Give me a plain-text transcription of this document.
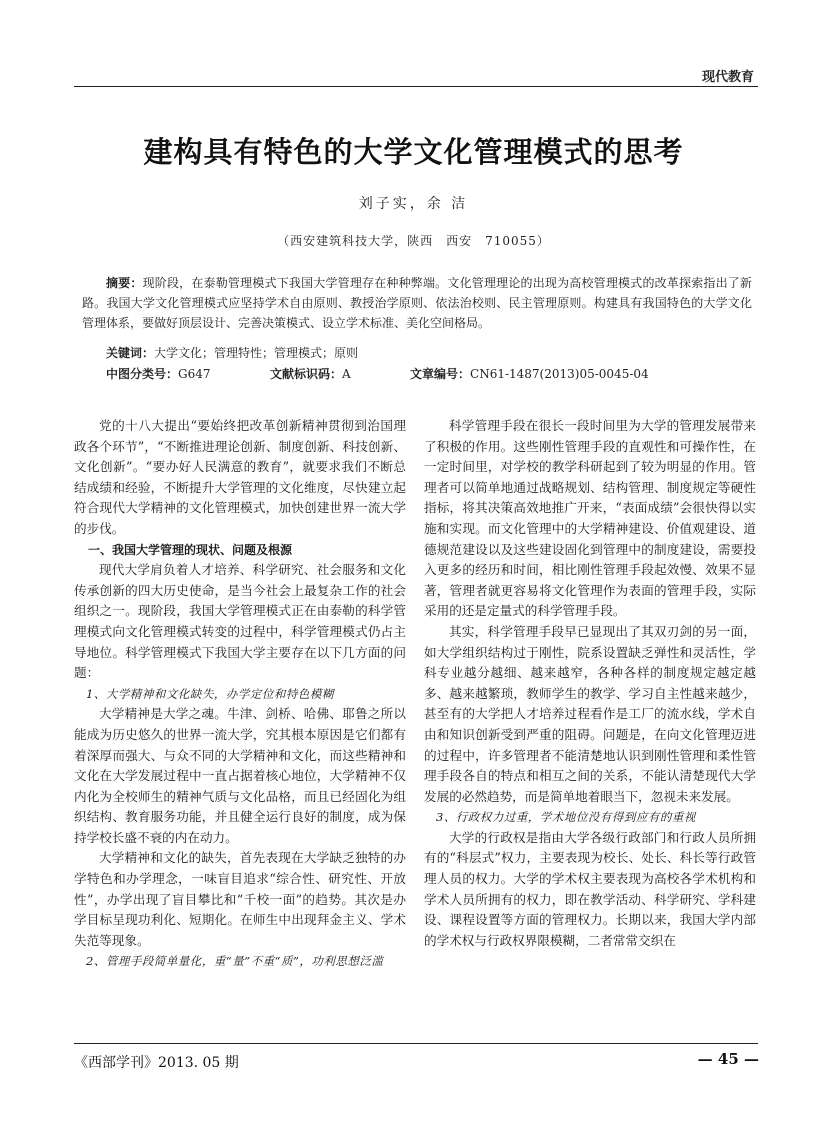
现代教育
建构具有特色的大学文化管理模式的思考
刘子实，余 洁
（西安建筑科技大学，陕西　西安　710055）
摘要：现阶段，在泰勒管理模式下我国大学管理存在种种弊端。文化管理理论的出现为高校管理模式的改革探索指出了新路。我国大学文化管理模式应坚持学术自由原则、教授治学原则、依法治校则、民主管理原则。构建具有我国特色的大学文化管理体系，要做好顶层设计、完善决策模式、设立学术标准、美化空间格局。
关键词：大学文化；管理特性；管理模式；原则
中图分类号：G647	文献标识码：A	文章编号：CN61-1487(2013)05-0045-04

党的十八大提出“要始终把改革创新精神贯彻到治国理政各个环节”，“不断推进理论创新、制度创新、科技创新、文化创新”。“要办好人民满意的教育”，就要求我们不断总结成绩和经验，不断提升大学管理的文化维度，尽快建立起符合现代大学精神的文化管理模式，加快创建世界一流大学的步伐。

一、我国大学管理的现状、问题及根源

现代大学肩负着人才培养、科学研究、社会服务和文化传承创新的四大历史使命，是当今社会上最复杂工作的社会组织之一。现阶段，我国大学管理模式正在由泰勒的科学管理模式向文化管理模式转变的过程中，科学管理模式仍占主导地位。科学管理模式下我国大学主要存在以下几方面的问题：

1、大学精神和文化缺失，办学定位和特色模糊

大学精神是大学之魂。牛津、剑桥、哈佛、耶鲁之所以能成为历史悠久的世界一流大学，究其根本原因是它们都有着深厚而强大、与众不同的大学精神和文化，而这些精神和文化在大学发展过程中一直占据着核心地位，大学精神不仅内化为全校师生的精神气质与文化品格，而且已经固化为组织结构、教育服务功能，并且健全运行良好的制度，成为保持学校长盛不衰的内在动力。

大学精神和文化的缺失，首先表现在大学缺乏独特的办学特色和办学理念，一味盲目追求“综合性、研究性、开放性”，办学出现了盲目攀比和“千校一面”的趋势。其次是办学目标呈现功利化、短期化。在师生中出现拜金主义、学术失范等现象。

2、管理手段简单量化，重“量”不重“质”，功利思想泛滥

科学管理手段在很长一段时间里为大学的管理发展带来了积极的作用。这些刚性管理手段的直观性和可操作性，在一定时间里，对学校的教学科研起到了较为明显的作用。管理者可以简单地通过战略规划、结构管理、制度规定等硬性指标，将其决策高效地推广开来，“表面成绩”会很快得以实施和实现。而文化管理中的大学精神建设、价值观建设、道德规范建设以及这些建设固化到管理中的制度建设，需要投入更多的经历和时间，相比刚性管理手段起效慢、效果不显著，管理者就更容易将文化管理作为表面的管理手段，实际采用的还是定量式的科学管理手段。

其实，科学管理手段早已显现出了其双刃剑的另一面，如大学组织结构过于刚性，院系设置缺乏弹性和灵活性，学科专业越分越细、越来越窄，各种各样的制度规定越定越多、越来越繁琐，教师学生的教学、学习自主性越来越少，甚至有的大学把人才培养过程看作是工厂的流水线，学术自由和知识创新受到严重的阻碍。问题是，在向文化管理迈进的过程中，许多管理者不能清楚地认识到刚性管理和柔性管理手段各自的特点和相互之间的关系，不能认清楚现代大学发展的必然趋势，而是简单地着眼当下，忽视未来发展。

3、行政权力过重，学术地位没有得到应有的重视

大学的行政权是指由大学各级行政部门和行政人员所拥有的“科层式”权力，主要表现为校长、处长、科长等行政管理人员的权力。大学的学术权主要表现为高校各学术机构和学术人员所拥有的权力，即在教学活动、科学研究、学科建设、课程设置等方面的管理权力。长期以来，我国大学内部的学术权与行政权界限模糊，二者常常交织在

《西部学刊》2013. 05 期	— 45 —
